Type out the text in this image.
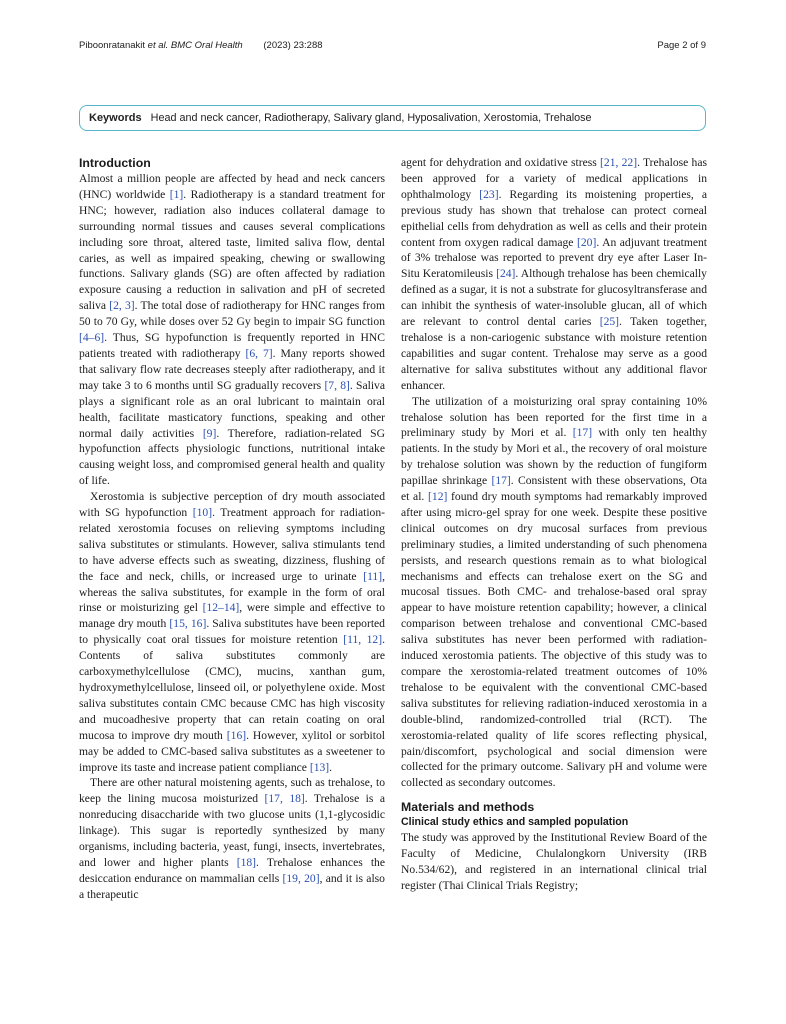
Piboonratanakit et al. BMC Oral Health (2023) 23:288	Page 2 of 9
Keywords Head and neck cancer, Radiotherapy, Salivary gland, Hyposalivation, Xerostomia, Trehalose
Introduction

Almost a million people are affected by head and neck cancers (HNC) worldwide [1]. Radiotherapy is a standard treatment for HNC; however, radiation also induces collateral damage to surrounding normal tissues and causes several complications including sore throat, altered taste, limited saliva flow, dental caries, as well as impaired speaking, chewing or swallowing functions. Salivary glands (SG) are often affected by radiation exposure causing a reduction in salivation and pH of secreted saliva [2, 3]. The total dose of radiotherapy for HNC ranges from 50 to 70 Gy, while doses over 52 Gy begin to impair SG function [4–6]. Thus, SG hypofunction is frequently reported in HNC patients treated with radiotherapy [6, 7]. Many reports showed that salivary flow rate decreases steeply after radiotherapy, and it may take 3 to 6 months until SG gradually recovers [7, 8]. Saliva plays a significant role as an oral lubricant to maintain oral health, facilitate masticatory functions, speaking and other normal daily activities [9]. Therefore, radiation-related SG hypofunction affects physiologic functions, nutritional intake causing weight loss, and compromised general health and quality of life.

Xerostomia is subjective perception of dry mouth associated with SG hypofunction [10]. Treatment approach for radiation-related xerostomia focuses on relieving symptoms including saliva substitutes or stimulants. However, saliva stimulants tend to have adverse effects such as sweating, dizziness, flushing of the face and neck, chills, or increased urge to urinate [11], whereas the saliva substitutes, for example in the form of oral rinse or moisturizing gel [12–14], were simple and effective to manage dry mouth [15, 16]. Saliva substitutes have been reported to physically coat oral tissues for moisture retention [11, 12]. Contents of saliva substitutes commonly are carboxymethylcellulose (CMC), mucins, xanthan gum, hydroxymethylcellulose, linseed oil, or polyethylene oxide. Most saliva substitutes contain CMC because CMC has high viscosity and mucoadhesive property that can retain coating on oral mucosa to improve dry mouth [16]. However, xylitol or sorbitol may be added to CMC-based saliva substitutes as a sweetener to improve its taste and increase patient compliance [13].

There are other natural moistening agents, such as trehalose, to keep the lining mucosa moisturized [17, 18]. Trehalose is a nonreducing disaccharide with two glucose units (1,1-glycosidic linkage). This sugar is reportedly synthesized by many organisms, including bacteria, yeast, fungi, insects, invertebrates, and lower and higher plants [18]. Trehalose enhances the desiccation endurance on mammalian cells [19, 20], and it is also a therapeutic

agent for dehydration and oxidative stress [21, 22]. Trehalose has been approved for a variety of medical applications in ophthalmology [23]. Regarding its moistening properties, a previous study has shown that trehalose can protect corneal epithelial cells from dehydration as well as cells and their protein content from oxygen radical damage [20]. An adjuvant treatment of 3% trehalose was reported to prevent dry eye after Laser In-Situ Keratomileusis [24]. Although trehalose has been chemically defined as a sugar, it is not a substrate for glucosyltransferase and can inhibit the synthesis of water-insoluble glucan, all of which are relevant to control dental caries [25]. Taken together, trehalose is a non-cariogenic substance with moisture retention capabilities and sugar content. Trehalose may serve as a good alternative for saliva substitutes without any additional flavor enhancer.

The utilization of a moisturizing oral spray containing 10% trehalose solution has been reported for the first time in a preliminary study by Mori et al. [17] with only ten healthy patients. In the study by Mori et al., the recovery of oral moisture by trehalose solution was shown by the reduction of fungiform papillae shrinkage [17]. Consistent with these observations, Ota et al. [12] found dry mouth symptoms had remarkably improved after using micro-gel spray for one week. Despite these positive clinical outcomes on dry mucosal surfaces from previous preliminary studies, a limited understanding of such phenomena persists, and research questions remain as to what biological mechanisms and effects can trehalose exert on the SG and mucosal tissues. Both CMC- and trehalose-based oral spray appear to have moisture retention capability; however, a clinical comparison between trehalose and conventional CMC-based saliva substitutes has never been performed with radiation-induced xerostomia patients. The objective of this study was to compare the xerostomia-related treatment outcomes of 10% trehalose to be equivalent with the conventional CMC-based saliva substitutes for relieving radiation-induced xerostomia in a double-blind, randomized-controlled trial (RCT). The xerostomia-related quality of life scores reflecting physical, pain/discomfort, psychological and social dimension were collected for the primary outcome. Salivary pH and volume were collected as secondary outcomes.

Materials and methods
Clinical study ethics and sampled population

The study was approved by the Institutional Review Board of the Faculty of Medicine, Chulalongkorn University (IRB No.534/62), and registered in an international clinical trial register (Thai Clinical Trials Registry;
